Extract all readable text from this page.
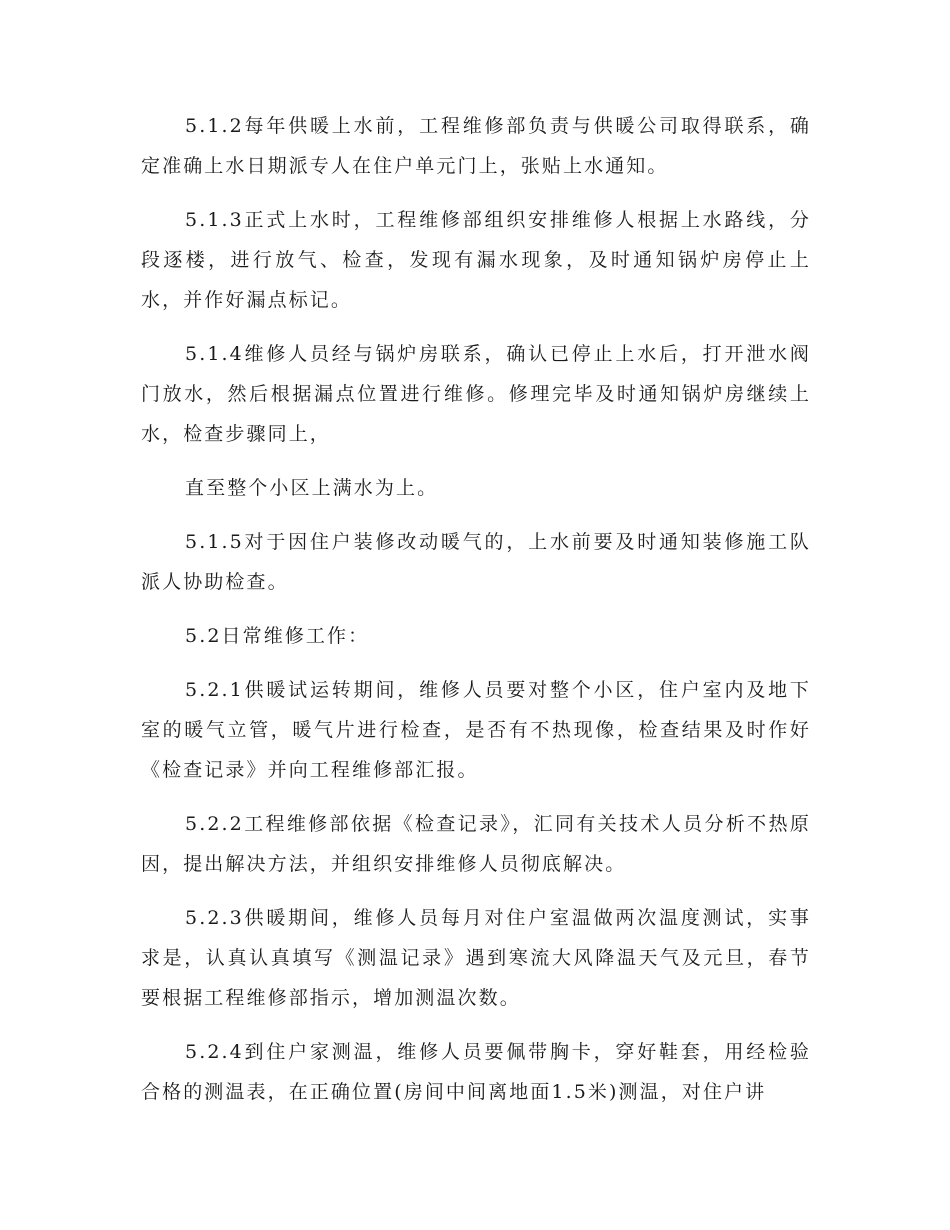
5.1.2每年供暖上水前，工程维修部负责与供暖公司取得联系，确定准确上水日期派专人在住户单元门上，张贴上水通知。

5.1.3正式上水时，工程维修部组织安排维修人根据上水路线，分段逐楼，进行放气、检查，发现有漏水现象，及时通知锅炉房停止上水，并作好漏点标记。

5.1.4维修人员经与锅炉房联系，确认已停止上水后，打开泄水阀门放水，然后根据漏点位置进行维修。修理完毕及时通知锅炉房继续上水，检查步骤同上，

直至整个小区上满水为上。

5.1.5对于因住户装修改动暖气的，上水前要及时通知装修施工队派人协助检查。

5.2日常维修工作：

5.2.1供暖试运转期间，维修人员要对整个小区，住户室内及地下室的暖气立管，暖气片进行检查，是否有不热现像，检查结果及时作好《检查记录》并向工程维修部汇报。

5.2.2工程维修部依据《检查记录》，汇同有关技术人员分析不热原因，提出解决方法，并组织安排维修人员彻底解决。

5.2.3供暖期间，维修人员每月对住户室温做两次温度测试，实事求是，认真认真填写《测温记录》遇到寒流大风降温天气及元旦，春节要根据工程维修部指示，增加测温次数。

5.2.4到住户家测温，维修人员要佩带胸卡，穿好鞋套，用经检验合格的测温表，在正确位置(房间中间离地面1.5米)测温，对住户讲
